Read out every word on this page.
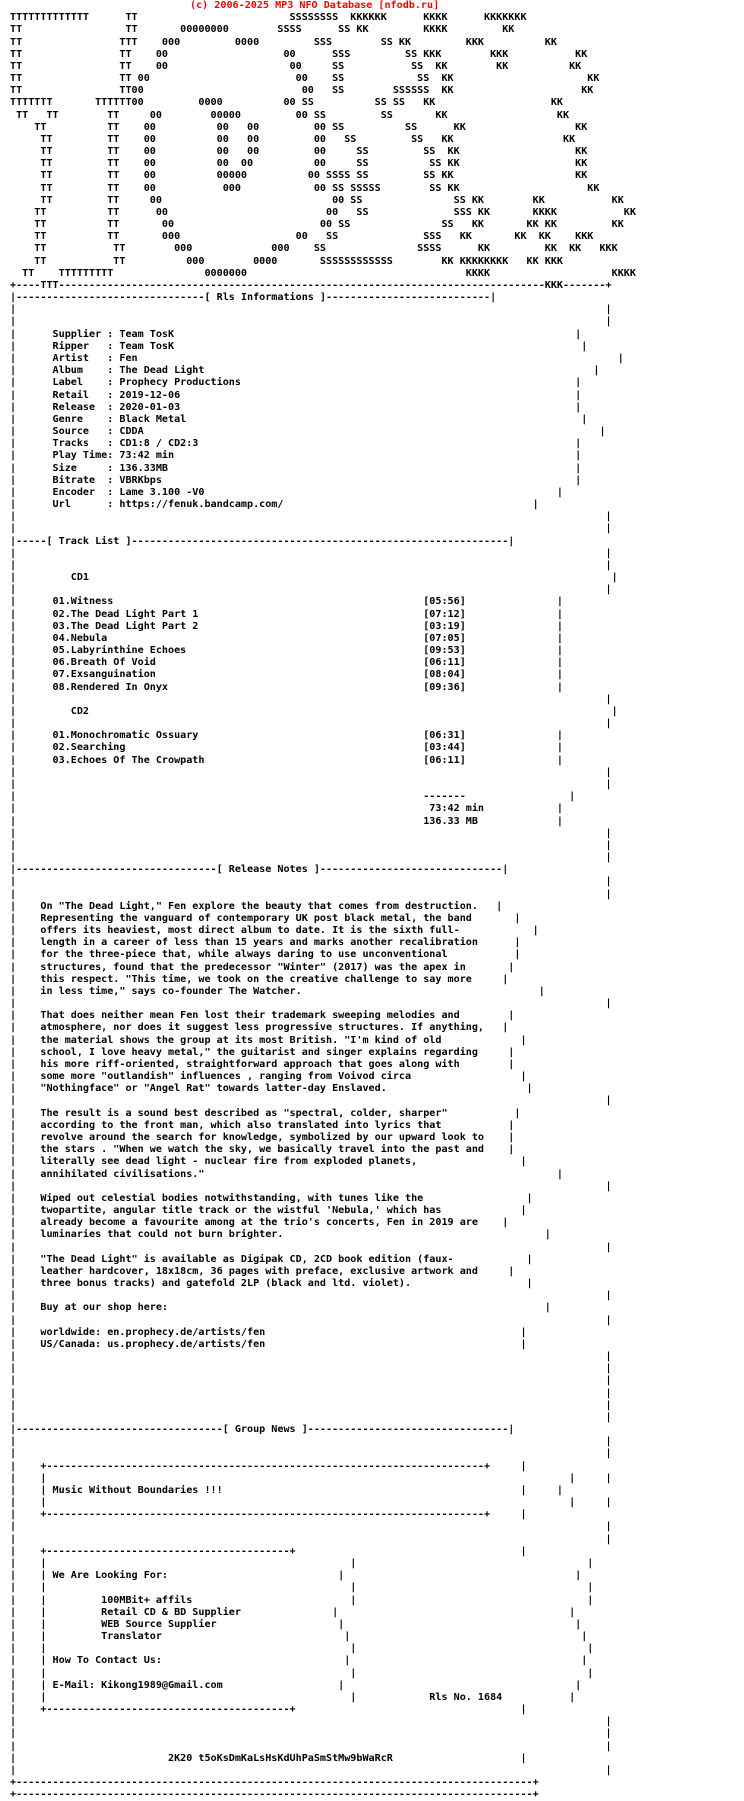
(c) 2006-2025 MP3 NFO Database [nfodb.ru]
TTTTTTTTTTTTT      TT                         SSSSSSSS  KKKKKK      KKKK      KKKKKKK
TT                 TT       00000000        SSSS      SS KK         KKKK         KK
TT                TTT    000         0000         SSS        SS KK         KKK          KK
TT                TT    00                   00      SSS         SS KKK        KKK           KK
TT                TT    00                    00     SS           SS  KK        KK          KK
TT                TT 00                        00    SS            SS  KK                      KK
TT                TT00                          00   SS        SSSSSS  KK                     KK
TTTTTTT       TTTTTT00         0000          00 SS          SS SS   KK                   KK
TT   TT        TT     00        00000         00 SS         SS       KK                  KK
TT          TT    00          00   00         00 SS          SS      KK                  KK
TT         TT    00          00   00         00   SS         SS   KK                  KK
TT         TT    00          00   00         00     SS         SS  KK                   KK
TT         TT    00          00  00          00     SS          SS KK                   KK
TT         TT    00          00000          00 SSSS SS         SS KK                    KK
TT         TT    00           000            00 SS SSSSS        SS KK                     KK
TT         TT     00                            00 SS               SS KK        KK           KK
TT          TT      00                          00   SS              SSS KK       KKKK           KK
TT          TT       00                        00 SS               SS   KK       KK KK         KK
TT          TT       000                   00   SS              SSS   KK       KK  KK    KKK
TT           TT        000             000    SS               SSSS      KK         KK  KK   KKK
TT           TT          000        0000       SSSSSSSSSSSS        KK KKKKKKKK   KK KKK
TT    TTTTTTTTT               0000000                                    KKKK                    KKKK
+----TTT--------------------------------------------------------------------------------KKK-------+
|-------------------------------[ Rls Informations ]---------------------------|
|                                                                                                 |
|                                                                                                 |
|      Supplier : Team TosK                                                                  |
|      Ripper   : Team TosK                                                                   |
|      Artist   : Fen                                                                               |
|      Album    : The Dead Light                                                                |
|      Label    : Prophecy Productions                                                       |
|      Retail   : 2019-12-06                                                                 |
|      Release  : 2020-01-03                                                                 |
|      Genre    : Black Metal                                                                 |
|      Source   : CDDA                                                                           |
|      Tracks   : CD1:8 / CD2:3                                                              |
|      Play Time: 73:42 min                                                                  |
|      Size     : 136.33MB                                                                   |
|      Bitrate  : VBRKbps                                                                    |
|      Encoder  : Lame 3.100 -V0                                                          |
|      Url      : https://fenuk.bandcamp.com/                                         |
|                                                                                                 |
|                                                                                                 |
|-----[ Track List ]--------------------------------------------------------------|
|                                                                                                 |
|                                                                                                 |
|         CD1                                                                                      |
|                                                                                                 |
|      01.Witness                                                   [05:56]               |
|      02.The Dead Light Part 1                                     [07:12]               |
|      03.The Dead Light Part 2                                     [03:19]               |
|      04.Nebula                                                    [07:05]               |
|      05.Labyrinthine Echoes                                       [09:53]               |
|      06.Breath Of Void                                            [06:11]               |
|      07.Exsanguination                                            [08:04]               |
|      08.Rendered In Onyx                                          [09:36]               |
|                                                                                                 |
|         CD2                                                                                      |
|                                                                                                 |
|      01.Monochromatic Ossuary                                     [06:31]               |
|      02.Searching                                                 [03:44]               |
|      03.Echoes Of The Crowpath                                    [06:11]               |
|                                                                                                 |
|                                                                                                 |
|                                                                   -------                 |
|                                                                    73:42 min            |
|                                                                   136.33 MB             |
|                                                                                                 |
|                                                                                                 |
|                                                                                                 |
|---------------------------------[ Release Notes ]------------------------------|
|                                                                                                 |
|                                                                                                 |
|    On "The Dead Light," Fen explore the beauty that comes from destruction.   |
|    Representing the vanguard of contemporary UK post black metal, the band       |
|    offers its heaviest, most direct album to date. It is the sixth full-            |
|    length in a career of less than 15 years and marks another recalibration      |
|    for the three-piece that, while always daring to use unconventional           |
|    structures, found that the predecessor "Winter" (2017) was the apex in       |
|    this respect. "This time, we took on the creative challenge to say more     |
|    in less time," says co-founder The Watcher.                                       |
|                                                                                                 |
|    That does neither mean Fen lost their trademark sweeping melodies and        |
|    atmosphere, nor does it suggest less progressive structures. If anything,   |
|    the material shows the group at its most British. "I'm kind of old             |
|    school, I love heavy metal," the guitarist and singer explains regarding     |
|    his more riff-oriented, straightforward approach that goes along with        |
|    some more "outlandish" influences , ranging from Voivod circa                  |
|    "Nothingface" or "Angel Rat" towards latter-day Enslaved.                       |
|                                                                                                 |
|    The result is a sound best described as "spectral, colder, sharper"           |
|    according to the front man, which also translated into lyrics that           |
|    revolve around the search for knowledge, symbolized by our upward look to    |
|    the stars . "When we watch the sky, we basically travel into the past and    |
|    literally see dead light - nuclear fire from exploded planets,                 |
|    annihilated civilisations."                                                          |
|                                                                                                 |
|    Wiped out celestial bodies notwithstanding, with tunes like the                 |
|    twopartite, angular title track or the wistful 'Nebula,' which has             |
|    already become a favourite among at the trio's concerts, Fen in 2019 are    |
|    luminaries that could not burn brighter.                                           |
|                                                                                                 |
|    "The Dead Light" is available as Digipak CD, 2CD book edition (faux-            |
|    leather hardcover, 18x18cm, 36 pages with preface, exclusive artwork and     |
|    three bonus tracks) and gatefold 2LP (black and ltd. violet).                   |
|                                                                                                 |
|    Buy at our shop here:                                                              |
|                                                                                                 |
|    worldwide: en.prophecy.de/artists/fen                                          |
|    US/Canada: us.prophecy.de/artists/fen                                          |
|                                                                                                 |
|                                                                                                 |
|                                                                                                 |
|                                                                                                 |
|                                                                                                 |
|                                                                                                 |
|----------------------------------[ Group News ]---------------------------------|
|                                                                                                 |
|                                                                                                 |
|    +------------------------------------------------------------------------+     |
|    |                                                                                      |     |
|    | Music Without Boundaries !!!                                                 |     |
|    |                                                                                      |     |
|    +------------------------------------------------------------------------+     |
|                                                                                                 |
|                                                                                                 |
|    +----------------------------------------+                                     |
|    |                                                  |                                      |
|    | We Are Looking For:                            |                                      |
|    |                                                  |                                      |
|    |         100MBit+ affils                          |                                      |
|    |         Retail CD & BD Supplier               |                                      |
|    |         WEB Source Supplier                    |                                      |
|    |         Translator                              |                                      |
|    |                                                  |                                      |
|    | How To Contact Us:                              |                                      |
|    |                                                  |                                      |
|    | E-Mail: Kikong1989@Gmail.com                   |                                      |
|    |                                                  |            Rls No. 1684           |
|    +----------------------------------------+                                     |
|                                                                                                 |
|                                                                                                 |
|                                                                                                 |
|                         2K20 t5oKsDmKaLsHsKdUhPaSmStMw9bWaRcR                     |
|                                                                                                 |
+-------------------------------------------------------------------------------------+
+-------------------------------------------------------------------------------------+
